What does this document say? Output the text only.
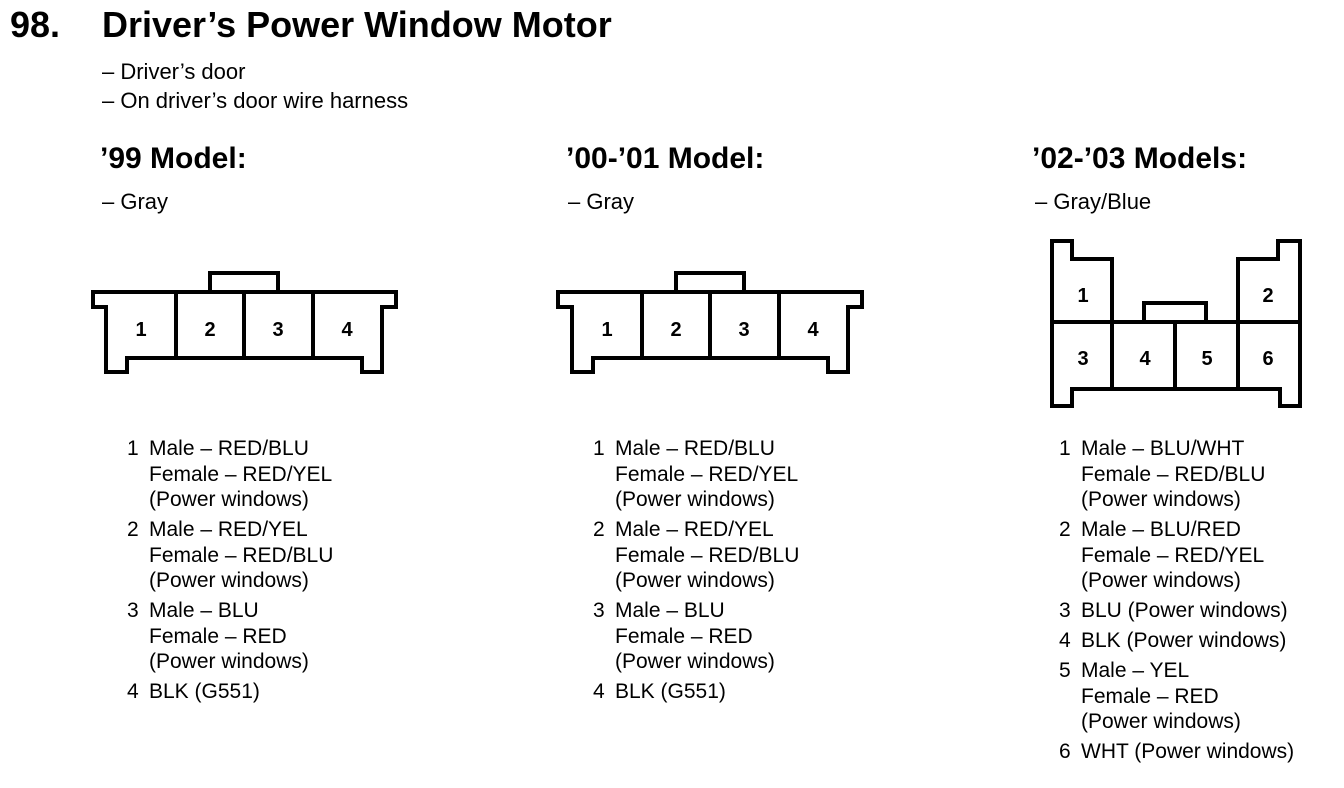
98. Driver’s Power Window Motor
– Driver’s door
– On driver’s door wire harness
’99 Model:
– Gray
’00-’01 Model:
– Gray
’02-’03 Models:
– Gray/Blue
1	2	3	4	1	2	3	4
1	2
3	4	5 6
1 Male – RED/BLU
Female – RED/YEL
(Power windows)
2 Male – RED/YEL
Female – RED/BLU
(Power windows)
3 Male – BLU
Female – RED
(Power windows)
4 BLK (G551)
1 Male – RED/BLU
Female – RED/YEL
(Power windows)
2 Male – RED/YEL
Female – RED/BLU
(Power windows)
3 Male – BLU
Female – RED
(Power windows)
4 BLK (G551)
1 Male – BLU/WHT
Female – RED/BLU
(Power windows)
2 Male – BLU/RED
Female – RED/YEL
(Power windows)
3 BLU (Power windows)
4 BLK (Power windows)
5 Male – YEL
Female – RED
(Power windows)
6 WHT (Power windows)
